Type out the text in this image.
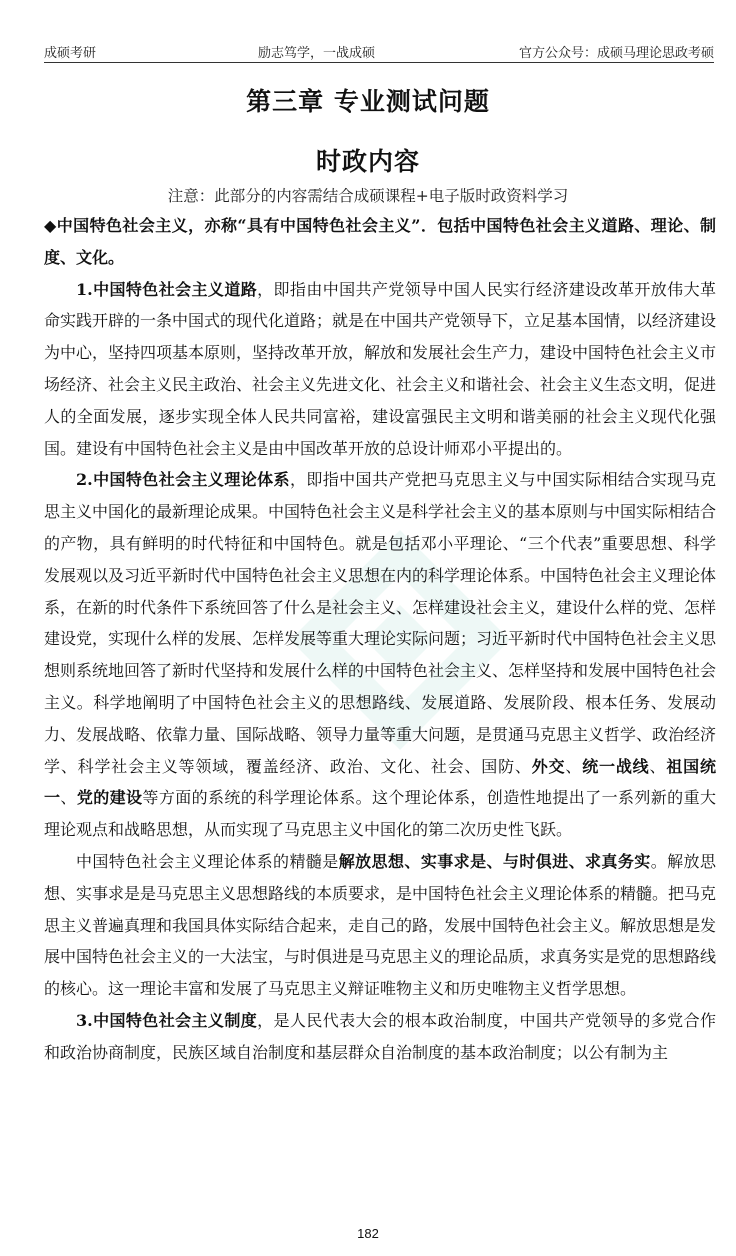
成硕考研	励志笃学，一战成硕	官方公众号：成硕马理论思政考硕
第三章 专业测试问题
时政内容
注意：此部分的内容需结合成硕课程+电子版时政资料学习

◆中国特色社会主义，亦称“具有中国特色社会主义”．包括中国特色社会主义道路、理论、制度、文化。

1.中国特色社会主义道路，即指由中国共产党领导中国人民实行经济建设改革开放伟大革命实践开辟的一条中国式的现代化道路；就是在中国共产党领导下，立足基本国情，以经济建设为中心，坚持四项基本原则，坚持改革开放，解放和发展社会生产力，建设中国特色社会主义市场经济、社会主义民主政治、社会主义先进文化、社会主义和谐社会、社会主义生态文明，促进人的全面发展，逐步实现全体人民共同富裕，建设富强民主文明和谐美丽的社会主义现代化强国。建设有中国特色社会主义是由中国改革开放的总设计师邓小平提出的。

2.中国特色社会主义理论体系，即指中国共产党把马克思主义与中国实际相结合实现马克思主义中国化的最新理论成果。中国特色社会主义是科学社会主义的基本原则与中国实际相结合的产物，具有鲜明的时代特征和中国特色。就是包括邓小平理论、“三个代表”重要思想、科学发展观以及习近平新时代中国特色社会主义思想在内的科学理论体系。中国特色社会主义理论体系，在新的时代条件下系统回答了什么是社会主义、怎样建设社会主义，建设什么样的党、怎样建设党，实现什么样的发展、怎样发展等重大理论实际问题；习近平新时代中国特色社会主义思想则系统地回答了新时代坚持和发展什么样的中国特色社会主义、怎样坚持和发展中国特色社会主义。科学地阐明了中国特色社会主义的思想路线、发展道路、发展阶段、根本任务、发展动力、发展战略、依靠力量、国际战略、领导力量等重大问题，是贯通马克思主义哲学、政治经济学、科学社会主义等领域，覆盖经济、政治、文化、社会、国防、外交、统一战线、祖国统一、党的建设等方面的系统的科学理论体系。这个理论体系，创造性地提出了一系列新的重大理论观点和战略思想，从而实现了马克思主义中国化的第二次历史性飞跃。

中国特色社会主义理论体系的精髓是解放思想、实事求是、与时俱进、求真务实。解放思想、实事求是是马克思主义思想路线的本质要求，是中国特色社会主义理论体系的精髓。把马克思主义普遍真理和我国具体实际结合起来，走自己的路，发展中国特色社会主义。解放思想是发展中国特色社会主义的一大法宝，与时俱进是马克思主义的理论品质，求真务实是党的思想路线的核心。这一理论丰富和发展了马克思主义辩证唯物主义和历史唯物主义哲学思想。

3.中国特色社会主义制度，是人民代表大会的根本政治制度，中国共产党领导的多党合作和政治协商制度，民族区域自治制度和基层群众自治制度的基本政治制度；以公有制为主

182
